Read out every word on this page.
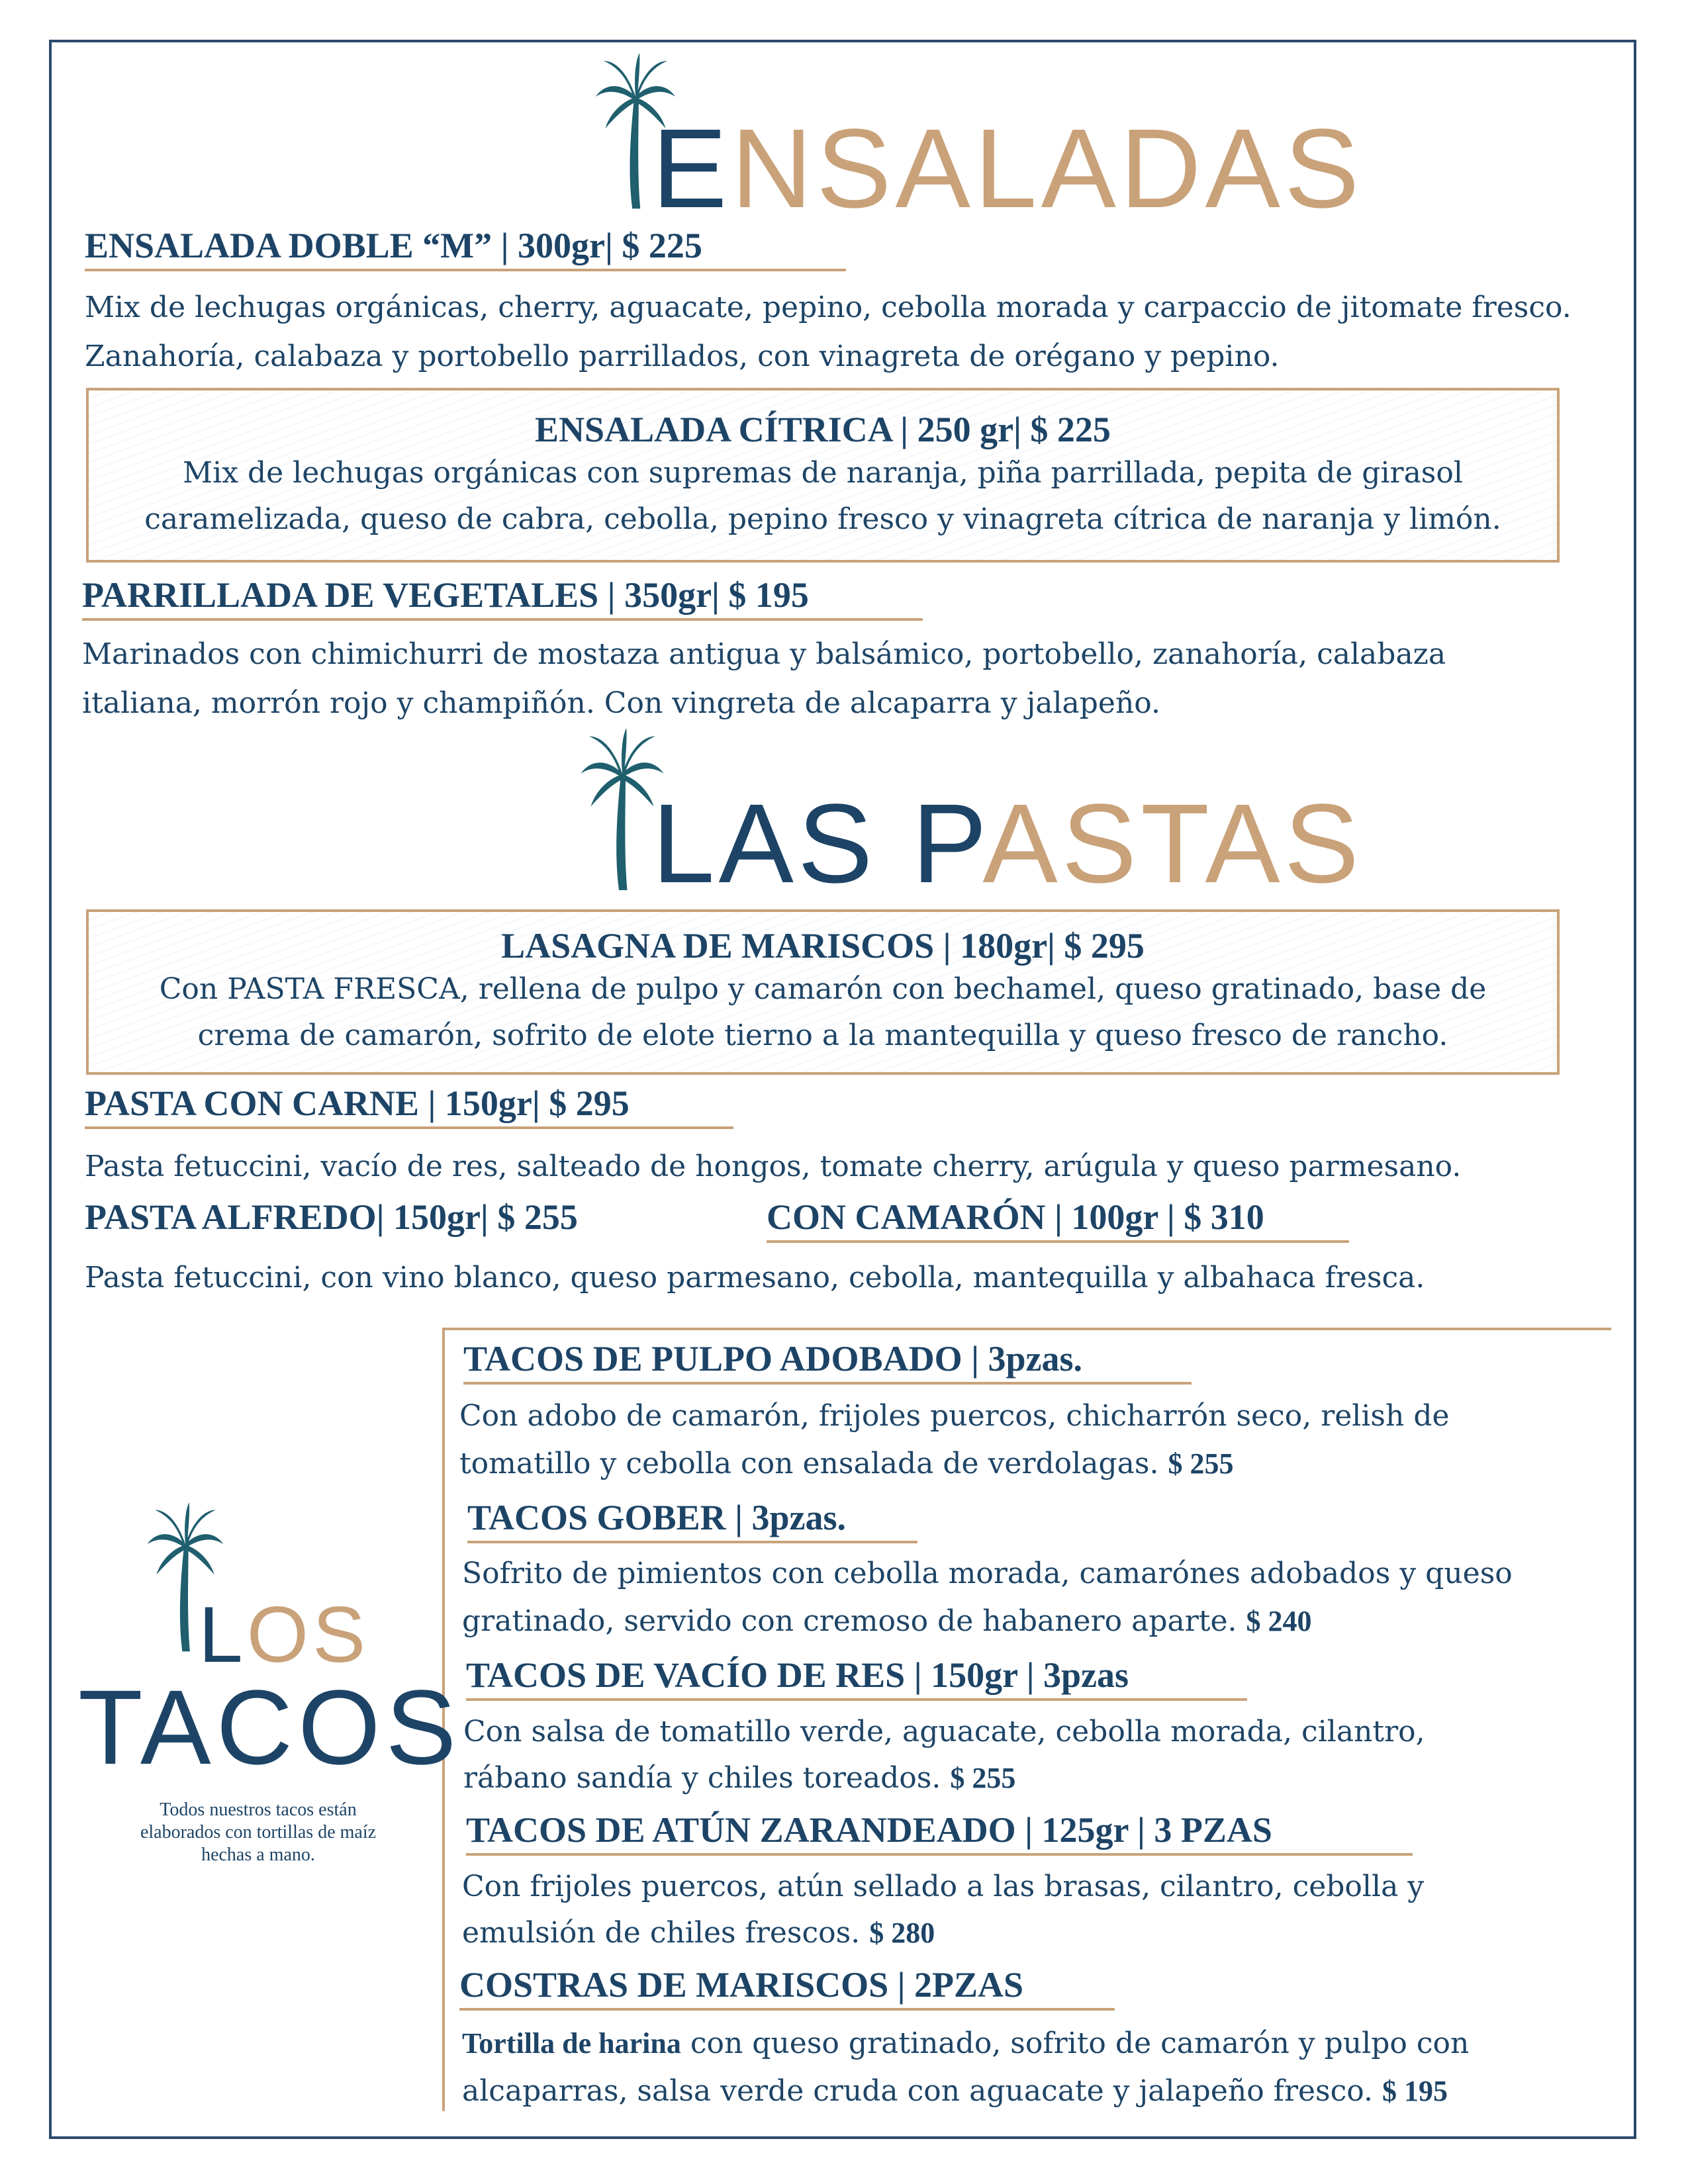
ENSALADAS
ENSALADA DOBLE “M” | 300gr| $ 225
Mix de lechugas orgánicas, cherry, aguacate, pepino, cebolla morada y carpaccio de jitomate fresco.
Zanahoría, calabaza y portobello parrillados, con vinagreta de orégano y pepino.
ENSALADA CÍTRICA | 250 gr| $ 225
Mix de lechugas orgánicas con supremas de naranja, piña parrillada, pepita de girasol
caramelizada, queso de cabra, cebolla, pepino fresco y vinagreta cítrica de naranja y limón.
PARRILLADA DE VEGETALES | 350gr| $ 195
Marinados con chimichurri de mostaza antigua y balsámico, portobello, zanahoría, calabaza
italiana, morrón rojo y champiñón. Con vingreta de alcaparra y jalapeño.
LAS PASTAS
LASAGNA DE MARISCOS | 180gr| $ 295
Con PASTA FRESCA, rellena de pulpo y camarón con bechamel, queso gratinado, base de
crema de camarón, sofrito de elote tierno a la mantequilla y queso fresco de rancho.
PASTA CON CARNE | 150gr| $ 295
Pasta fetuccini, vacío de res, salteado de hongos, tomate cherry, arúgula y queso parmesano.
PASTA ALFREDO| 150gr| $ 255	CON CAMARÓN | 100gr | $ 310
Pasta fetuccini, con vino blanco, queso parmesano, cebolla, mantequilla y albahaca fresca.
LOS
TACOS
Todos nuestros tacos están
elaborados con tortillas de maíz
hechas a mano.
TACOS DE PULPO ADOBADO | 3pzas.
Con adobo de camarón, frijoles puercos, chicharrón seco, relish de
tomatillo y cebolla con ensalada de verdolagas. $ 255
TACOS GOBER | 3pzas.
Sofrito de pimientos con cebolla morada, camarónes adobados y queso
gratinado, servido con cremoso de habanero aparte. $ 240
TACOS DE VACÍO DE RES | 150gr | 3pzas
Con salsa de tomatillo verde, aguacate, cebolla morada, cilantro,
rábano sandía y chiles toreados. $ 255
TACOS DE ATÚN ZARANDEADO | 125gr | 3 PZAS
Con frijoles puercos, atún sellado a las brasas, cilantro, cebolla y
emulsión de chiles frescos. $ 280
COSTRAS DE MARISCOS | 2PZAS
Tortilla de harina con queso gratinado, sofrito de camarón y pulpo con
alcaparras, salsa verde cruda con aguacate y jalapeño fresco. $ 195
